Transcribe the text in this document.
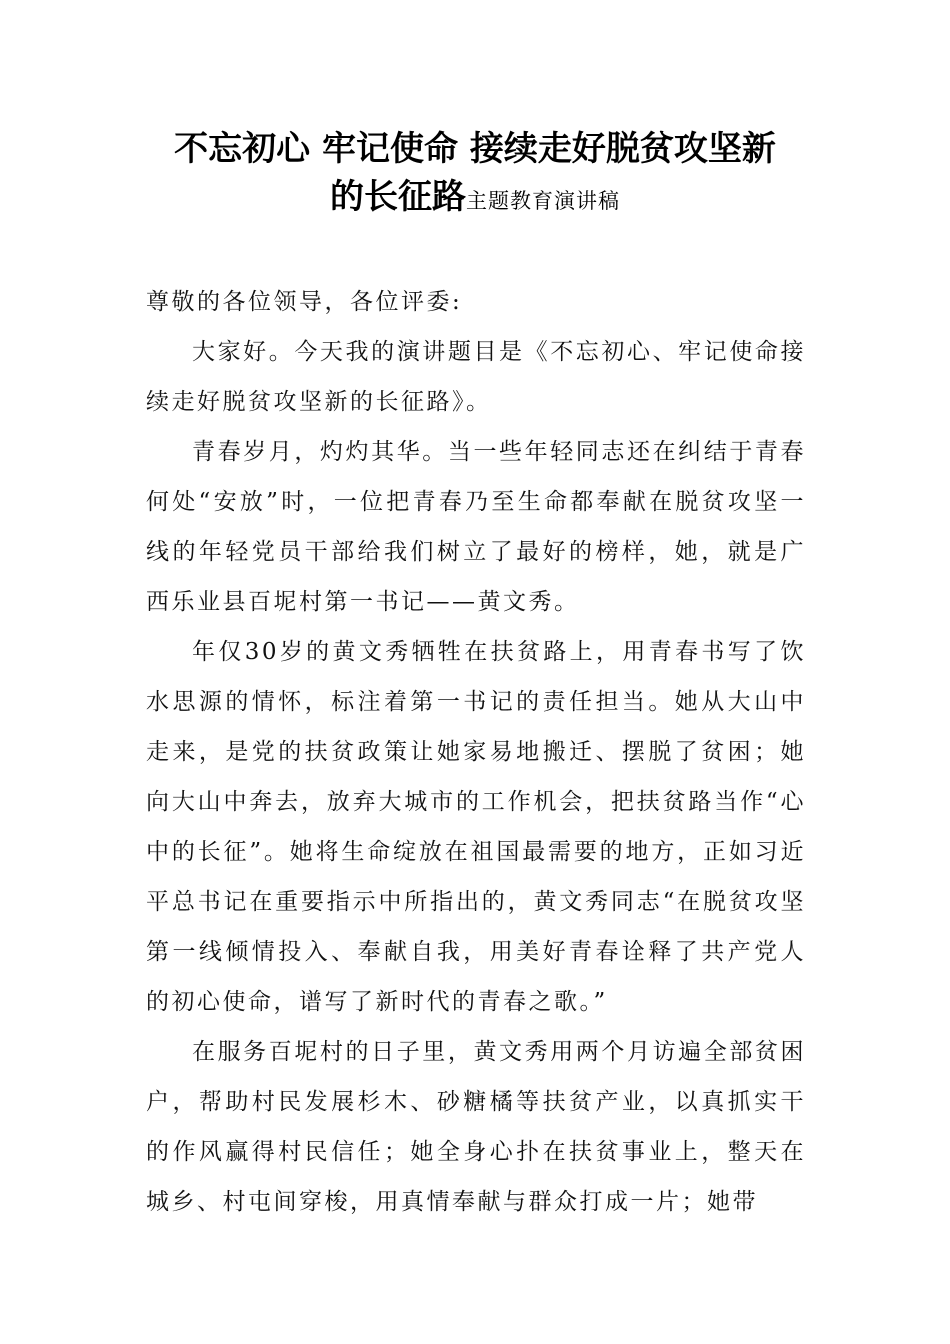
不忘初心 牢记使命 接续走好脱贫攻坚新
的长征路主题教育演讲稿

尊敬的各位领导，各位评委:

大家好。今天我的演讲题目是《不忘初心、牢记使命接续走好脱贫攻坚新的长征路》。

青春岁月，灼灼其华。当一些年轻同志还在纠结于青春何处“安放”时，一位把青春乃至生命都奉献在脱贫攻坚一线的年轻党员干部给我们树立了最好的榜样，她，就是广西乐业县百坭村第一书记——黄文秀。

年仅30岁的黄文秀牺牲在扶贫路上，用青春书写了饮水思源的情怀，标注着第一书记的责任担当。她从大山中走来，是党的扶贫政策让她家易地搬迁、摆脱了贫困；她向大山中奔去，放弃大城市的工作机会，把扶贫路当作“心中的长征”。她将生命绽放在祖国最需要的地方，正如习近平总书记在重要指示中所指出的，黄文秀同志“在脱贫攻坚第一线倾情投入、奉献自我，用美好青春诠释了共产党人的初心使命，谱写了新时代的青春之歌。”

在服务百坭村的日子里，黄文秀用两个月访遍全部贫困户，帮助村民发展杉木、砂糖橘等扶贫产业，以真抓实干的作风赢得村民信任；她全身心扑在扶贫事业上，整天在城乡、村屯间穿梭，用真情奉献与群众打成一片；她带
